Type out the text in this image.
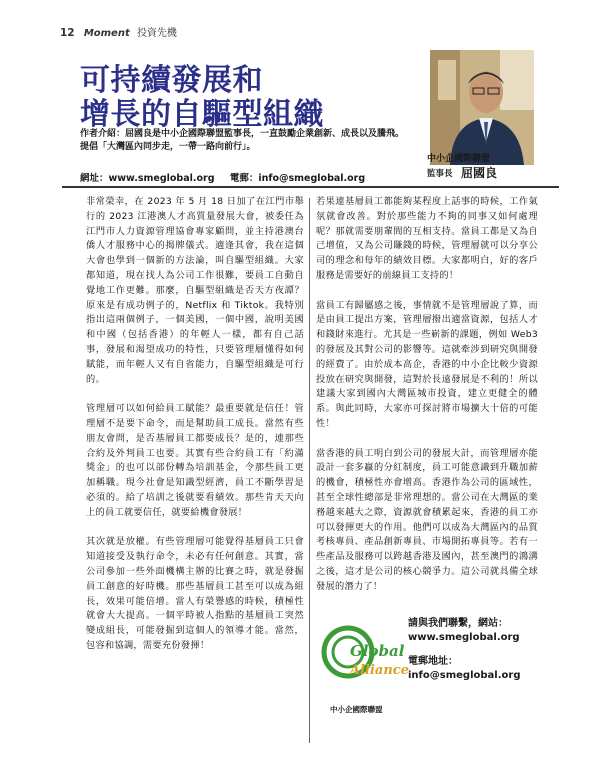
12 Moment 投資先機
可持續發展和
增長的自驅型組織
作者介紹：屈國良是中小企國際聯盟監事長，一直鼓勵企業創新、成長以及騰飛。
提倡「大灣區內同步走，一帶一路向前行」。
中小企國際聯盟
監事長 屈國良
網址：www.smeglobal.org 電郵：info@smeglobal.org

非常榮幸，在 2023 年 5 月 18 日加了在江門市舉行的 2023 江港澳人才高質量發展大會，被委任為江門市人力資源管理協會專家顧問，並主持港澳台僑人才服務中心的揭牌儀式。適逢其會，我在這個大會也學到一個新的方法論，叫自驅型組織。大家都知道，現在找人為公司工作很難，要員工自動自覺地工作更難。那麼，自驅型組織是否天方夜譚？原來是有成功例子的，Netflix 和 Tiktok。我特別指出這兩個例子，一個美國，一個中國，說明美國和中國（包括香港）的年輕人一樣，都有自己話事，發展和渴望成功的特性，只要管理層懂得如何賦能，而年輕人又有自省能力，自驅型組織是可行的。

管理層可以如何給員工賦能？最重要就是信任！管理層不是要下命令，而是幫助員工成長。當然有些朋友會問，是否基層員工都要成長？是的，連那些合約及外判員工也要。其實有些合約員工有「約滿獎金」的也可以部份轉為培訓基金，令那些員工更加稱職。現今社會是知識型經濟，員工不斷學習是必須的。給了培訓之後就要看績效。那些肯天天向上的員工就要信任，就要給機會發展！

其次就是放權。有些管理層可能覺得基層員工只會知道接受及執行命令，未必有任何創意。其實，當公司參加一些外面機構主辦的比賽之時，就是發掘員工創意的好時機。那些基層員工甚至可以成為組長，效果可能倍增。當人有榮譽感的時候，積極性就會大大提高。一個平時被人指點的基層員工突然變成組長，可能發掘到這個人的領導才能。當然，包容和協調，需要充份發揮！

若果連基層員工都能夠某程度上話事的時候，工作氣氛就會改善。對於那些能力不夠的同事又如何處理呢？那就需要朋輩間的互相支持。當員工都是又為自己增值，又為公司賺錢的時候，管理層就可以分享公司的理念和每年的績效目標。大家都明白，好的客戶服務是需要好的前線員工支持的！

當員工有歸屬感之後，事情就不是管理層說了算，而是由員工提出方案，管理層撥出適當資源，包括人才和錢財來進行。尤其是一些嶄新的課題，例如 Web3 的發展及其對公司的影響等。這就牽涉到研究與開發的經費了。由於成本高企，香港的中小企比較少資源投放在研究與開發，這對於長遠發展是不利的！所以建議大家到國內大灣區城市投資，建立更健全的體系。與此同時，大家亦可探討將市場擴大十倍的可能性！

當香港的員工明白到公司的發展大計，而管理層亦能設計一套多贏的分紅制度，員工可能意識到升職加薪的機會，積極性亦會增高。香港作為公司的區域性，甚至全球性總部是非常理想的。當公司在大灣區的業務越來越大之際，資源就會積累起來，香港的員工亦可以發揮更大的作用。他們可以成為大灣區內的品質考核專員、產品創新專員、市場開拓專員等。若有一些產品及服務可以跨越香港及國內，甚至澳門的鴻溝之後，這才是公司的核心競爭力。這公司就具備全球發展的潛力了！

Global
Alliance
中小企國際聯盟
請與我們聯繫，網站：
www.smeglobal.org
電郵地址：
info@smeglobal.org
